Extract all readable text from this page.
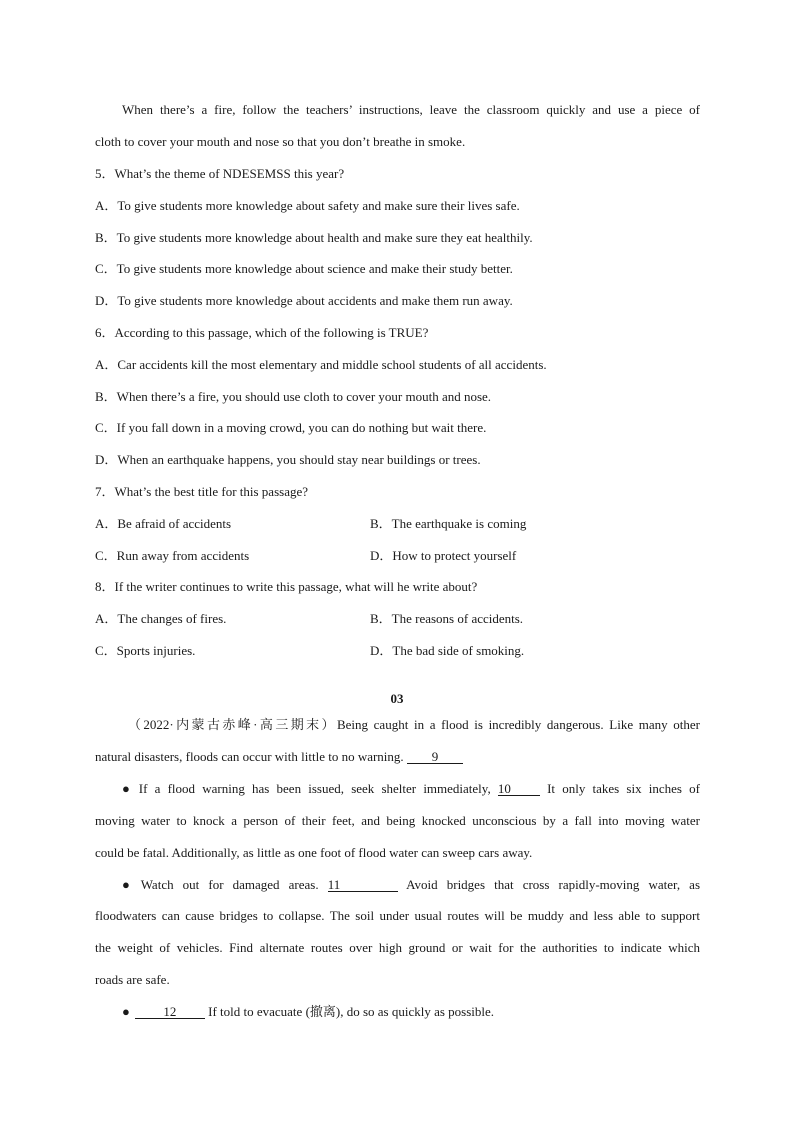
When there’s a fire, follow the teachers’ instructions, leave the classroom quickly and use a piece of
cloth to cover your mouth and nose so that you don’t breathe in smoke.
5．What’s the theme of NDESEMSS this year?
A．To give students more knowledge about safety and make sure their lives safe.
B．To give students more knowledge about health and make sure they eat healthily.
C．To give students more knowledge about science and make their study better.
D．To give students more knowledge about accidents and make them run away.
6．According to this passage, which of the following is TRUE?
A．Car accidents kill the most elementary and middle school students of all accidents.
B．When there’s a fire, you should use cloth to cover your mouth and nose.
C．If you fall down in a moving crowd, you can do nothing but wait there.
D．When an earthquake happens, you should stay near buildings or trees.
7．What’s the best title for this passage?
A．Be afraid of accidents	B．The earthquake is coming
C．Run away from accidents	D．How to protect yourself
8．If the writer continues to write this passage, what will he write about?
A．The changes of fires.	B．The reasons of accidents.
C．Sports injuries.	D．The bad side of smoking.
03
（2022·内蒙古赤峰·高三期末）Being caught in a flood is incredibly dangerous. Like many other
natural disasters, floods can occur with little to no warning. 9
● If a flood warning has been issued, seek shelter immediately, 10	It only takes six inches of
moving water to knock a person of their feet, and being knocked unconscious by a fall into moving water
could be fatal. Additionally, as little as one foot of flood water can sweep cars away.
● Watch out for damaged areas. 11	Avoid bridges that cross rapidly-moving water, as
floodwaters can cause bridges to collapse. The soil under usual routes will be muddy and less able to support
the weight of vehicles. Find alternate routes over high ground or wait for the authorities to indicate which
roads are safe.
●	12 If told to evacuate (撤离), do so as quickly as possible.
